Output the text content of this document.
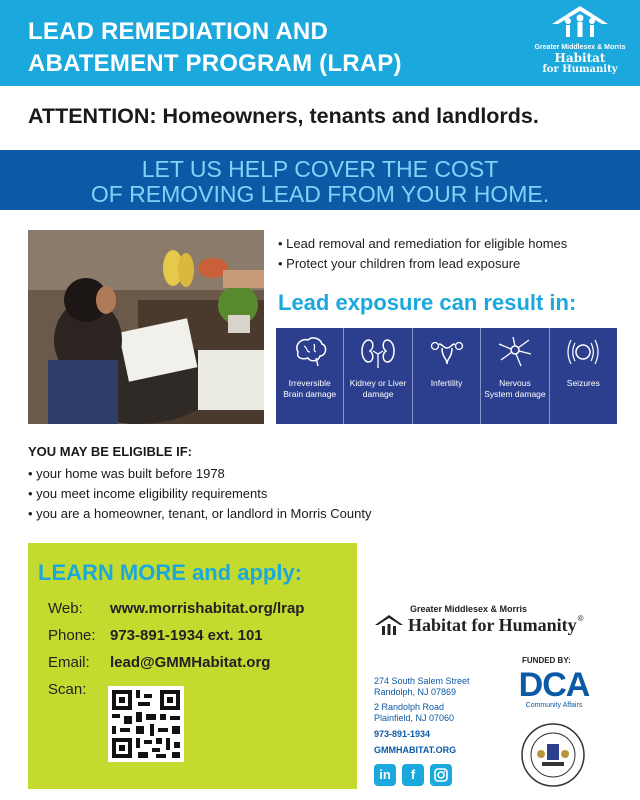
LEAD REMEDIATION AND
ABATEMENT PROGRAM (LRAP)
Greater Middlesex & Morris
Habitat
for Humanity
ATTENTION: Homeowners, tenants and landlords.
LET US HELP COVER THE COST
OF REMOVING LEAD FROM YOUR HOME.
• Lead removal and remediation for eligible homes
• Protect your children from lead exposure
Lead exposure can result in:
Irreversible Brain damage
Kidney or Liver damage
Infertility	Nervous System damage
Seizures
YOU MAY BE ELIGIBLE IF:
• your home was built before 1978
• you meet income eligibility requirements
• you are a homeowner, tenant, or landlord in Morris County
LEARN MORE and apply:
Web: www.morrishabitat.org/lrap
Phone: 973-891-1934 ext. 101
Email: lead@GMMHabitat.org
Scan:
Greater Middlesex & Morris
Habitat for Humanity ®
274 South Salem Street
Randolph, NJ 07869
2 Randolph Road
Plainfield, NJ 07060
973-891-1934
GMMHABITAT.ORG
in	f
FUNDED BY:
DCA
Community Affairs
